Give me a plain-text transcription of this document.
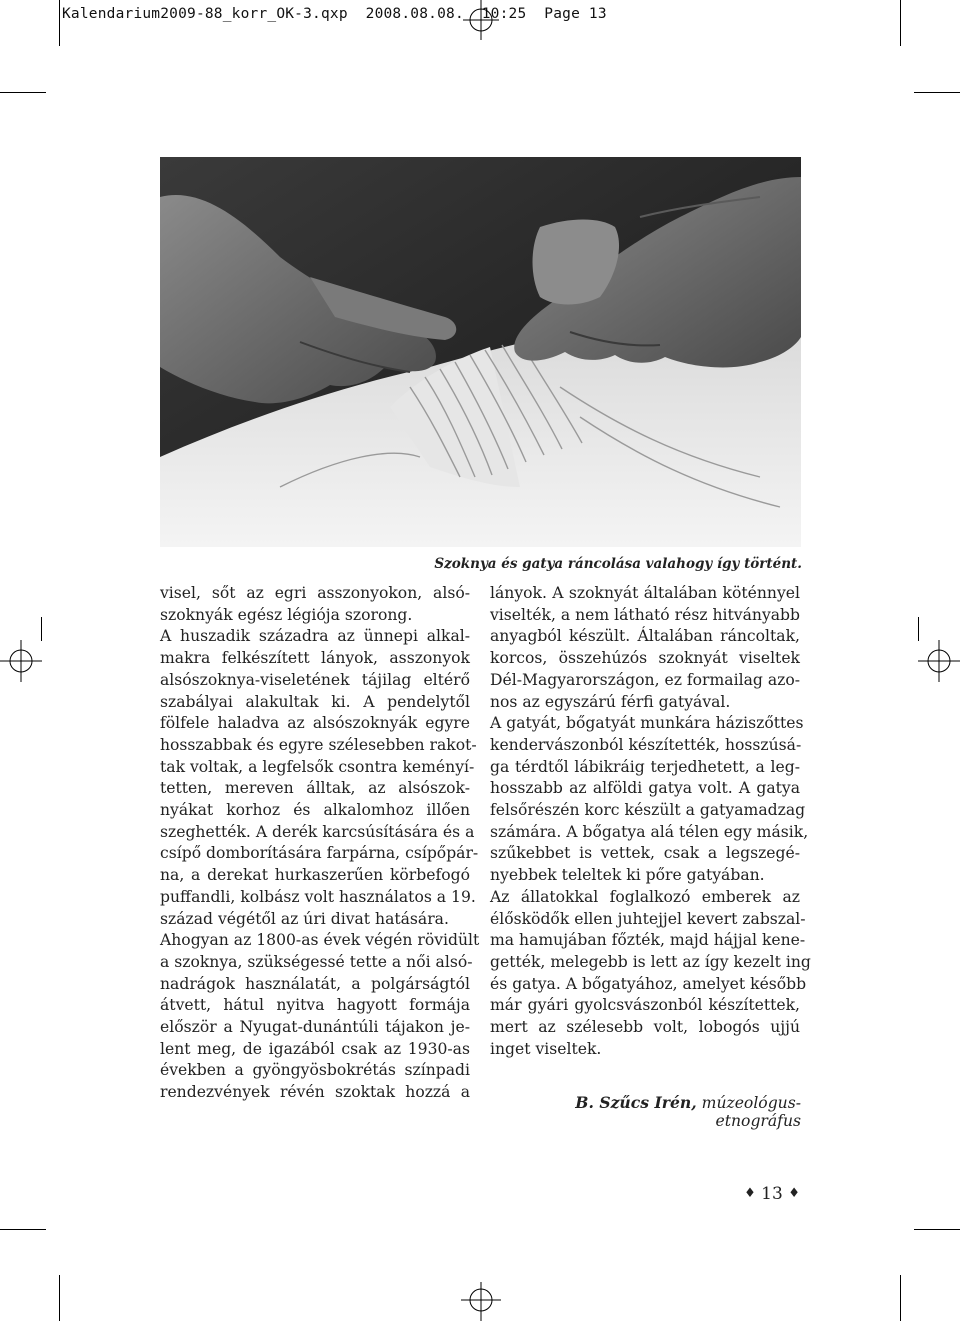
Kalendarium2009-88_korr_OK-3.qxp 2008.08.08. 10:25 Page 13
Szoknya és gatya ráncolása valahogy így történt.
visel, sőt az egri asszonyokon, alsó-
szoknyák egész légiója szorong.
A huszadik századra az ünnepi alkal-
makra felkészített lányok, asszonyok
alsószoknya-viseletének tájilag eltérő
szabályai alakultak ki. A pendelytől
fölfele haladva az alsószoknyák egyre
hosszabbak és egyre szélesebben rakot-
tak voltak, a legfelsők csontra keményí-
tetten, mereven álltak, az alsószok-
nyákat korhoz és alkalomhoz illően
szeghették. A derék karcsúsítására és a
csípő domborítására farpárna, csípőpár-
na, a derekat hurkaszerűen körbefogó
puffandli, kolbász volt használatos a 19.
század végétől az úri divat hatására.
Ahogyan az 1800-as évek végén rövidült
a szoknya, szükségessé tette a női alsó-
nadrágok használatát, a polgárságtól
átvett, hátul nyitva hagyott formája
először a Nyugat-dunántúli tájakon je-
lent meg, de igazából csak az 1930-as
években a gyöngyösbokrétás színpadi
rendezvények révén szoktak hozzá a
lányok. A szoknyát általában köténnyel
viselték, a nem látható rész hitványabb
anyagból készült. Általában ráncoltak,
korcos, összehúzós szoknyát viseltek
Dél-Magyarországon, ez formailag azo-
nos az egyszárú férfi gatyával.
A gatyát, bőgatyát munkára háziszőttes
kendervászonból készítették, hosszúsá-
ga térdtől lábikráig terjedhetett, a leg-
hosszabb az alföldi gatya volt. A gatya
felsőrészén korc készült a gatyamadzag
számára. A bőgatya alá télen egy másik,
szűkebbet is vettek, csak a legszegé-
nyebbek teleltek ki pőre gatyában.
Az állatokkal foglalkozó emberek az
élősködők ellen juhtejjel kevert zabszal-
ma hamujában főzték, majd hájjal kene-
gették, melegebb is lett az így kezelt ing
és gatya. A bőgatyához, amelyet később
már gyári gyolcsvászonból készítettek,
mert az szélesebb volt, lobogós ujjú
inget viseltek.
B. Szűcs Irén, múzeológus-etnográfus
♦ 13 ♦
